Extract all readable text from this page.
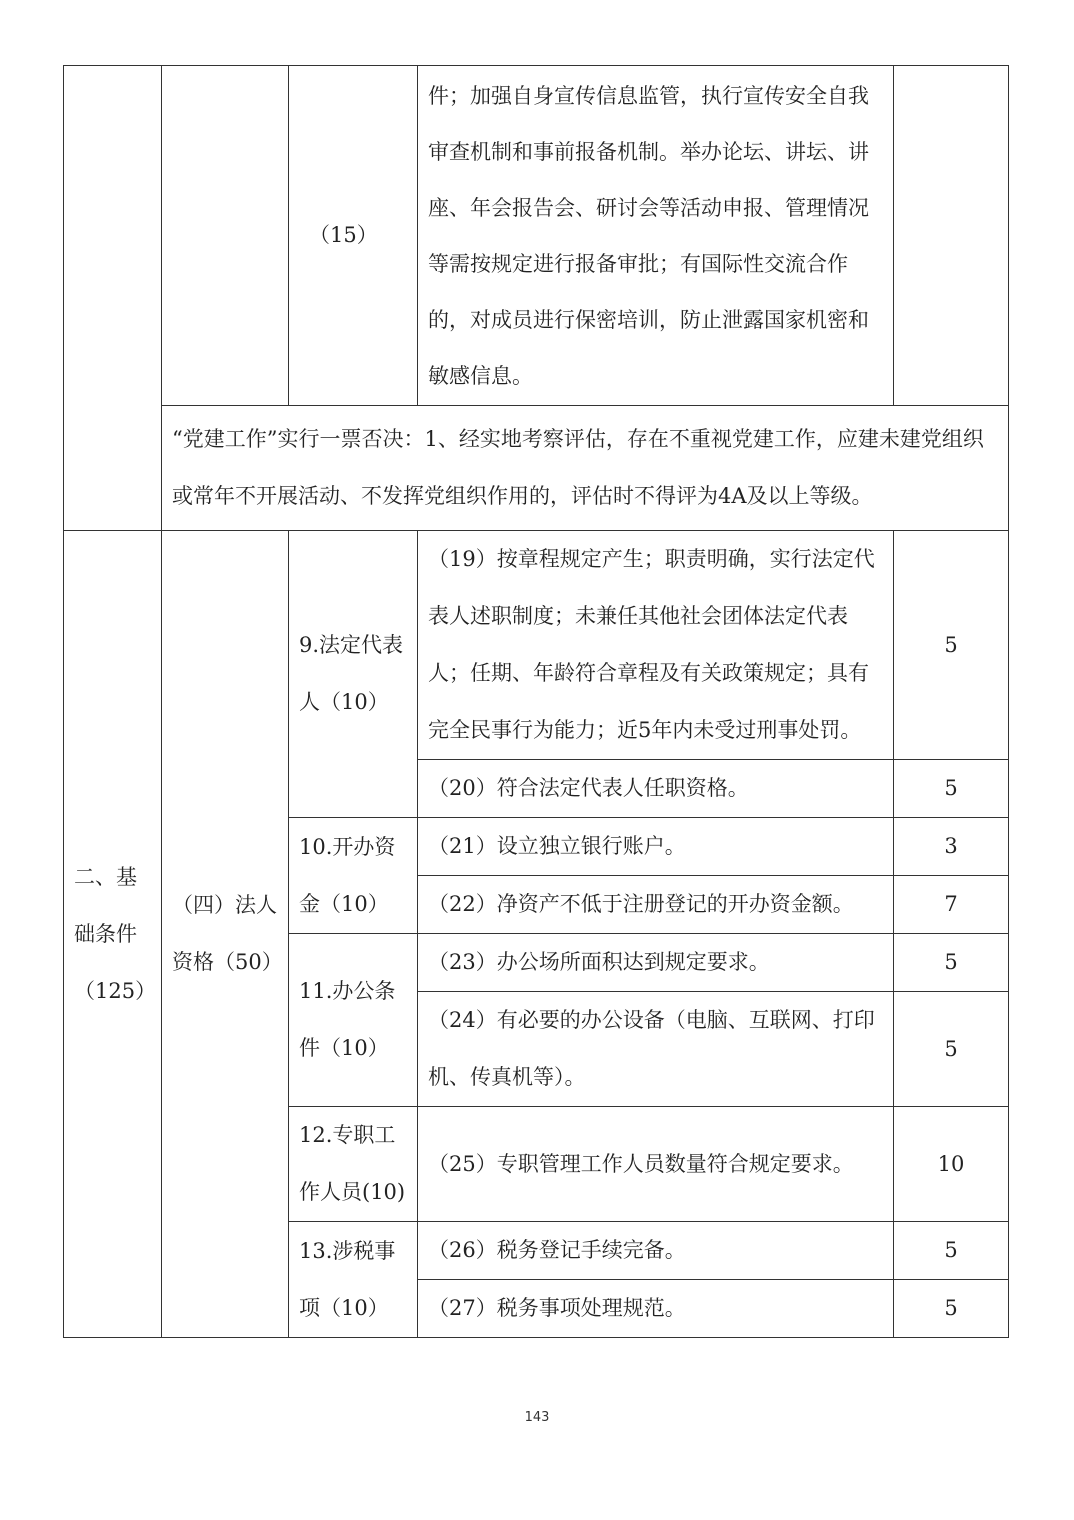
		（15）	件；加强自身宣传信息监管，执行宣传安全自我审查机制和事前报备机制。举办论坛、讲坛、讲座、年会报告会、研讨会等活动申报、管理情况等需按规定进行报备审批；有国际性交流合作的，对成员进行保密培训，防止泄露国家机密和敏感信息。	
	“党建工作”实行一票否决：1、经实地考察评估，存在不重视党建工作，应建未建党组织或常年不开展活动、不发挥党组织作用的，评估时不得评为4A及以上等级。			
二、基础条件（125）	（四）法人资格（50）	9.法定代表人（10）	（19）按章程规定产生；职责明确，实行法定代表人述职制度；未兼任其他社会团体法定代表人；任期、年龄符合章程及有关政策规定；具有完全民事行为能力；近5年内未受过刑事处罚。	5
			（20）符合法定代表人任职资格。	5
		10.开办资金（10）	（21）设立独立银行账户。	3
			（22）净资产不低于注册登记的开办资金额。	7
		11.办公条件（10）	（23）办公场所面积达到规定要求。	5
			（24）有必要的办公设备（电脑、互联网、打印机、传真机等）。	5
		12.专职工作人员(10)	（25）专职管理工作人员数量符合规定要求。	10
		13.涉税事项（10）	（26）税务登记手续完备。	5
			（27）税务事项处理规范。	5
143
